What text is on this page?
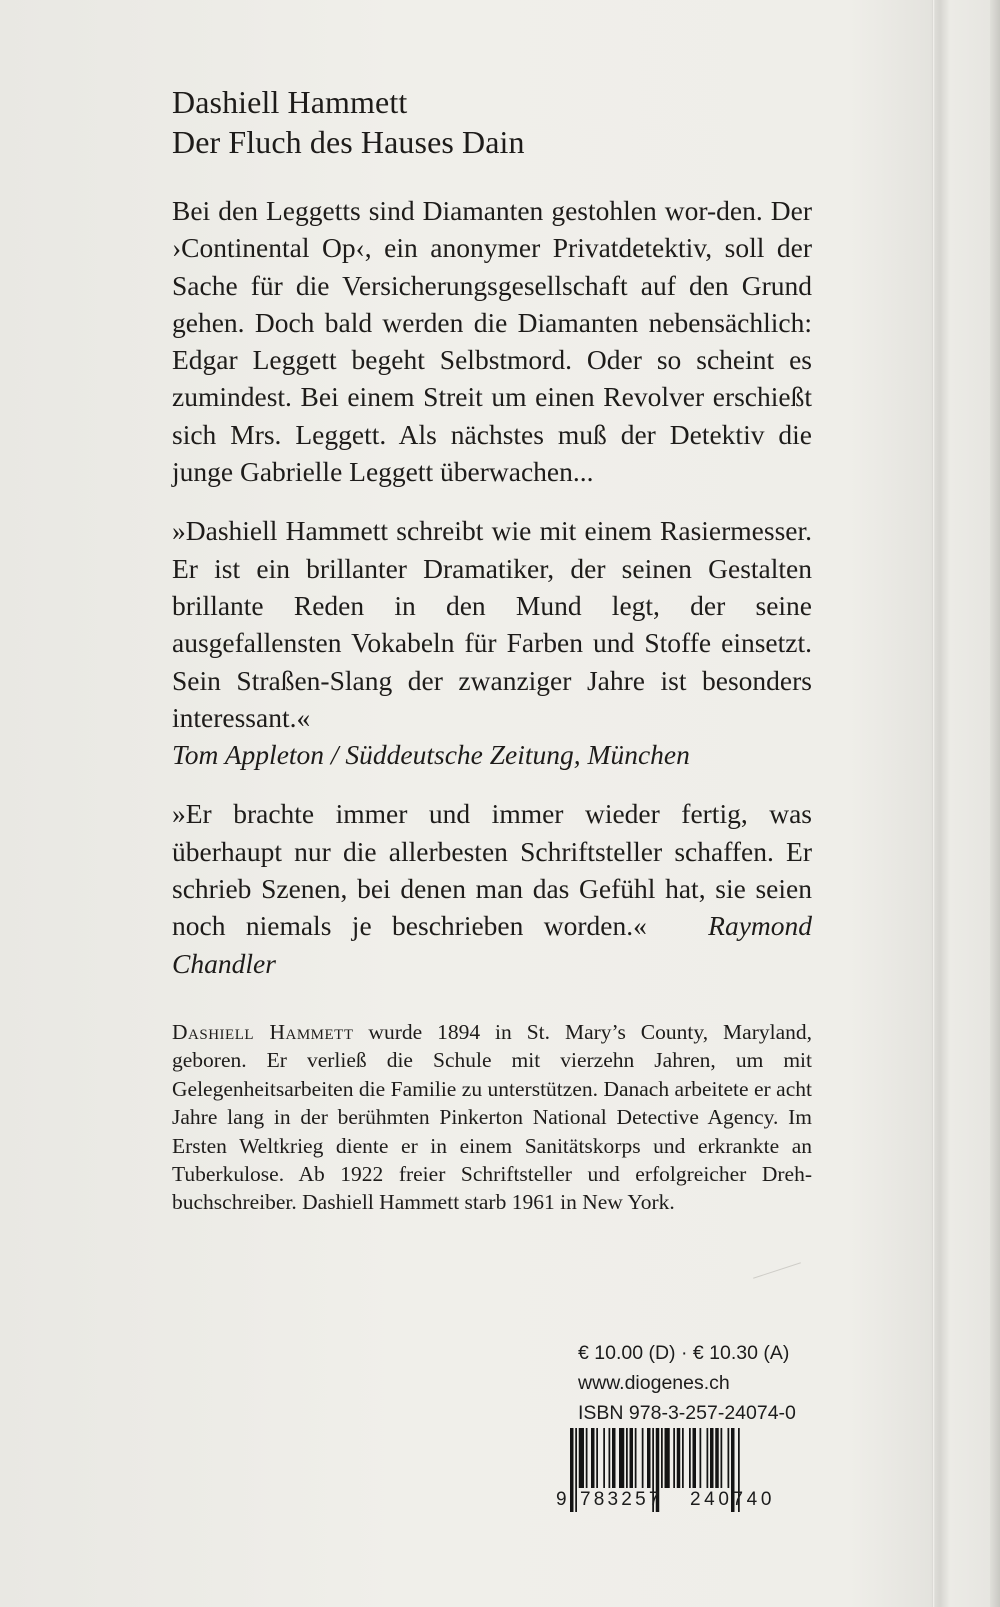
Dashiell Hammett
Der Fluch des Hauses Dain

Bei den Leggetts sind Diamanten gestohlen wor-den. Der ›Continental Op‹, ein anonymer Privatdetektiv, soll der Sache für die Versicherungsgesellschaft auf den Grund gehen. Doch bald werden die Diamanten nebensächlich: Edgar Leggett begeht Selbstmord. Oder so scheint es zumindest. Bei einem Streit um einen Revolver erschießt sich Mrs. Leggett. Als nächstes muß der Detektiv die junge Gabrielle Leggett überwachen...

»Dashiell Hammett schreibt wie mit einem Rasiermesser. Er ist ein brillanter Dramatiker, der seinen Gestalten brillante Reden in den Mund legt, der seine ausgefallensten Vokabeln für Farben und Stoffe einsetzt. Sein Straßen-Slang der zwanziger Jahre ist besonders interessant.«
Tom Appleton / Süddeutsche Zeitung, München

»Er brachte immer und immer wieder fertig, was überhaupt nur die allerbesten Schriftsteller schaffen. Er schrieb Szenen, bei denen man das Gefühl hat, sie seien noch niemals je beschrieben worden.« Raymond Chandler

Dashiell Hammett wurde 1894 in St. Mary’s County, Maryland, geboren. Er verließ die Schule mit vierzehn Jahren, um mit Gelegenheitsarbeiten die Familie zu unterstützen. Danach arbeitete er acht Jahre lang in der berühmten Pinkerton National Detective Agency. Im Ersten Weltkrieg diente er in einem Sanitätskorps und erkrankte an Tuberkulose. Ab 1922 freier Schriftsteller und erfolgreicher Drehbuchschreiber. Dashiell Hammett starb 1961 in New York.

€ 10.00 (D) · € 10.30 (A)
www.diogenes.ch
ISBN 978-3-257-24074-0
9 783257 240740
